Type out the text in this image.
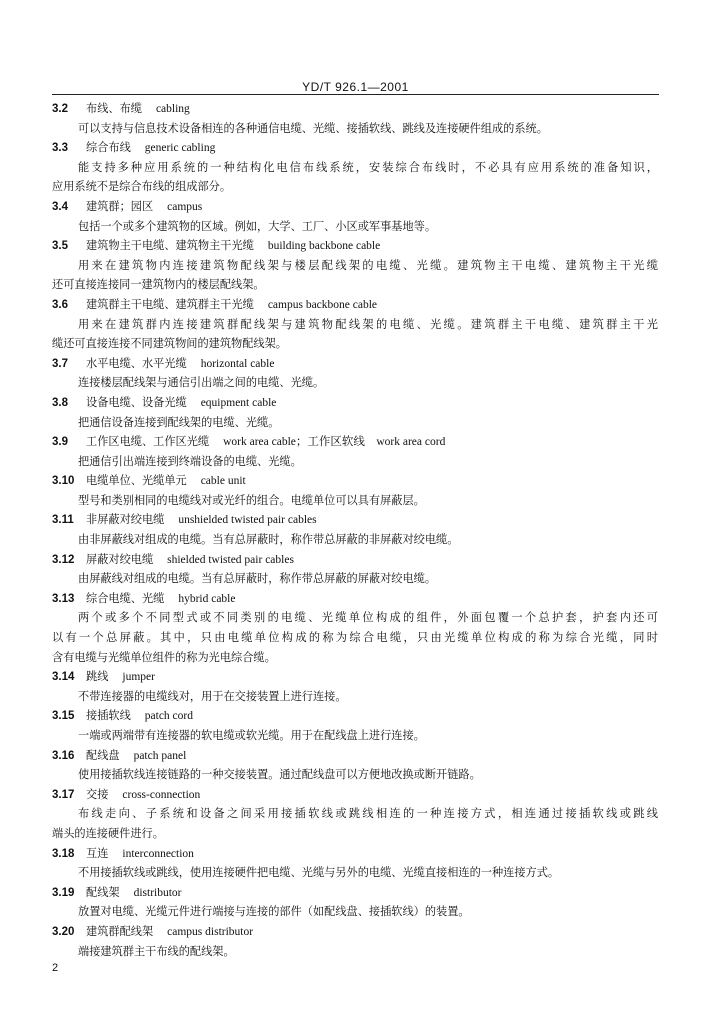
YD/T 926.1—2001
3.2	布线、布缆 cabling
可以支持与信息技术设备相连的各种通信电缆、光缆、接插软线、跳线及连接硬件组成的系统。
3.3	综合布线 generic cabling
能支持多种应用系统的一种结构化电信布线系统，安装综合布线时，不必具有应用系统的准备知识，
应用系统不是综合布线的组成部分。
3.4	建筑群；园区 campus
包括一个或多个建筑物的区域。例如，大学、工厂、小区或军事基地等。
3.5	建筑物主干电缆、建筑物主干光缆 building backbone cable
用来在建筑物内连接建筑物配线架与楼层配线架的电缆、光缆。建筑物主干电缆、建筑物主干光缆
还可直接连接同一建筑物内的楼层配线架。
3.6	建筑群主干电缆、建筑群主干光缆 campus backbone cable
用来在建筑群内连接建筑群配线架与建筑物配线架的电缆、光缆。建筑群主干电缆、建筑群主干光
缆还可直接连接不同建筑物间的建筑物配线架。
3.7	水平电缆、水平光缆 horizontal cable
连接楼层配线架与通信引出端之间的电缆、光缆。
3.8	设备电缆、设备光缆 equipment cable
把通信设备连接到配线架的电缆、光缆。
3.9	工作区电缆、工作区光缆 work area cable；工作区软线　work area cord
把通信引出端连接到终端设备的电缆、光缆。
3.10	电缆单位、光缆单元 cable unit
型号和类别相同的电缆线对或光纤的组合。电缆单位可以具有屏蔽层。
3.11	非屏蔽对绞电缆 unshielded twisted pair cables
由非屏蔽线对组成的电缆。当有总屏蔽时，称作带总屏蔽的非屏蔽对绞电缆。
3.12	屏蔽对绞电缆 shielded twisted pair cables
由屏蔽线对组成的电缆。当有总屏蔽时，称作带总屏蔽的屏蔽对绞电缆。
3.13	综合电缆、光缆 hybrid cable
两个或多个不同型式或不同类别的电缆、光缆单位构成的组件，外面包覆一个总护套，护套内还可
以有一个总屏蔽。其中，只由电缆单位构成的称为综合电缆，只由光缆单位构成的称为综合光缆，同时
含有电缆与光缆单位组件的称为光电综合缆。
3.14	跳线 jumper
不带连接器的电缆线对，用于在交接装置上进行连接。
3.15	接插软线 patch cord
一端或两端带有连接器的软电缆或软光缆。用于在配线盘上进行连接。
3.16	配线盘 patch panel
使用接插软线连接链路的一种交接装置。通过配线盘可以方便地改换或断开链路。
3.17	交接 cross-connection
布线走向、子系统和设备之间采用接插软线或跳线相连的一种连接方式，相连通过接插软线或跳线
端头的连接硬件进行。
3.18	互连 interconnection
不用接插软线或跳线，使用连接硬件把电缆、光缆与另外的电缆、光缆直接相连的一种连接方式。
3.19	配线架 distributor
放置对电缆、光缆元件进行端接与连接的部件（如配线盘、接插软线）的装置。
3.20	建筑群配线架 campus distributor
端接建筑群主干布线的配线架。
2
